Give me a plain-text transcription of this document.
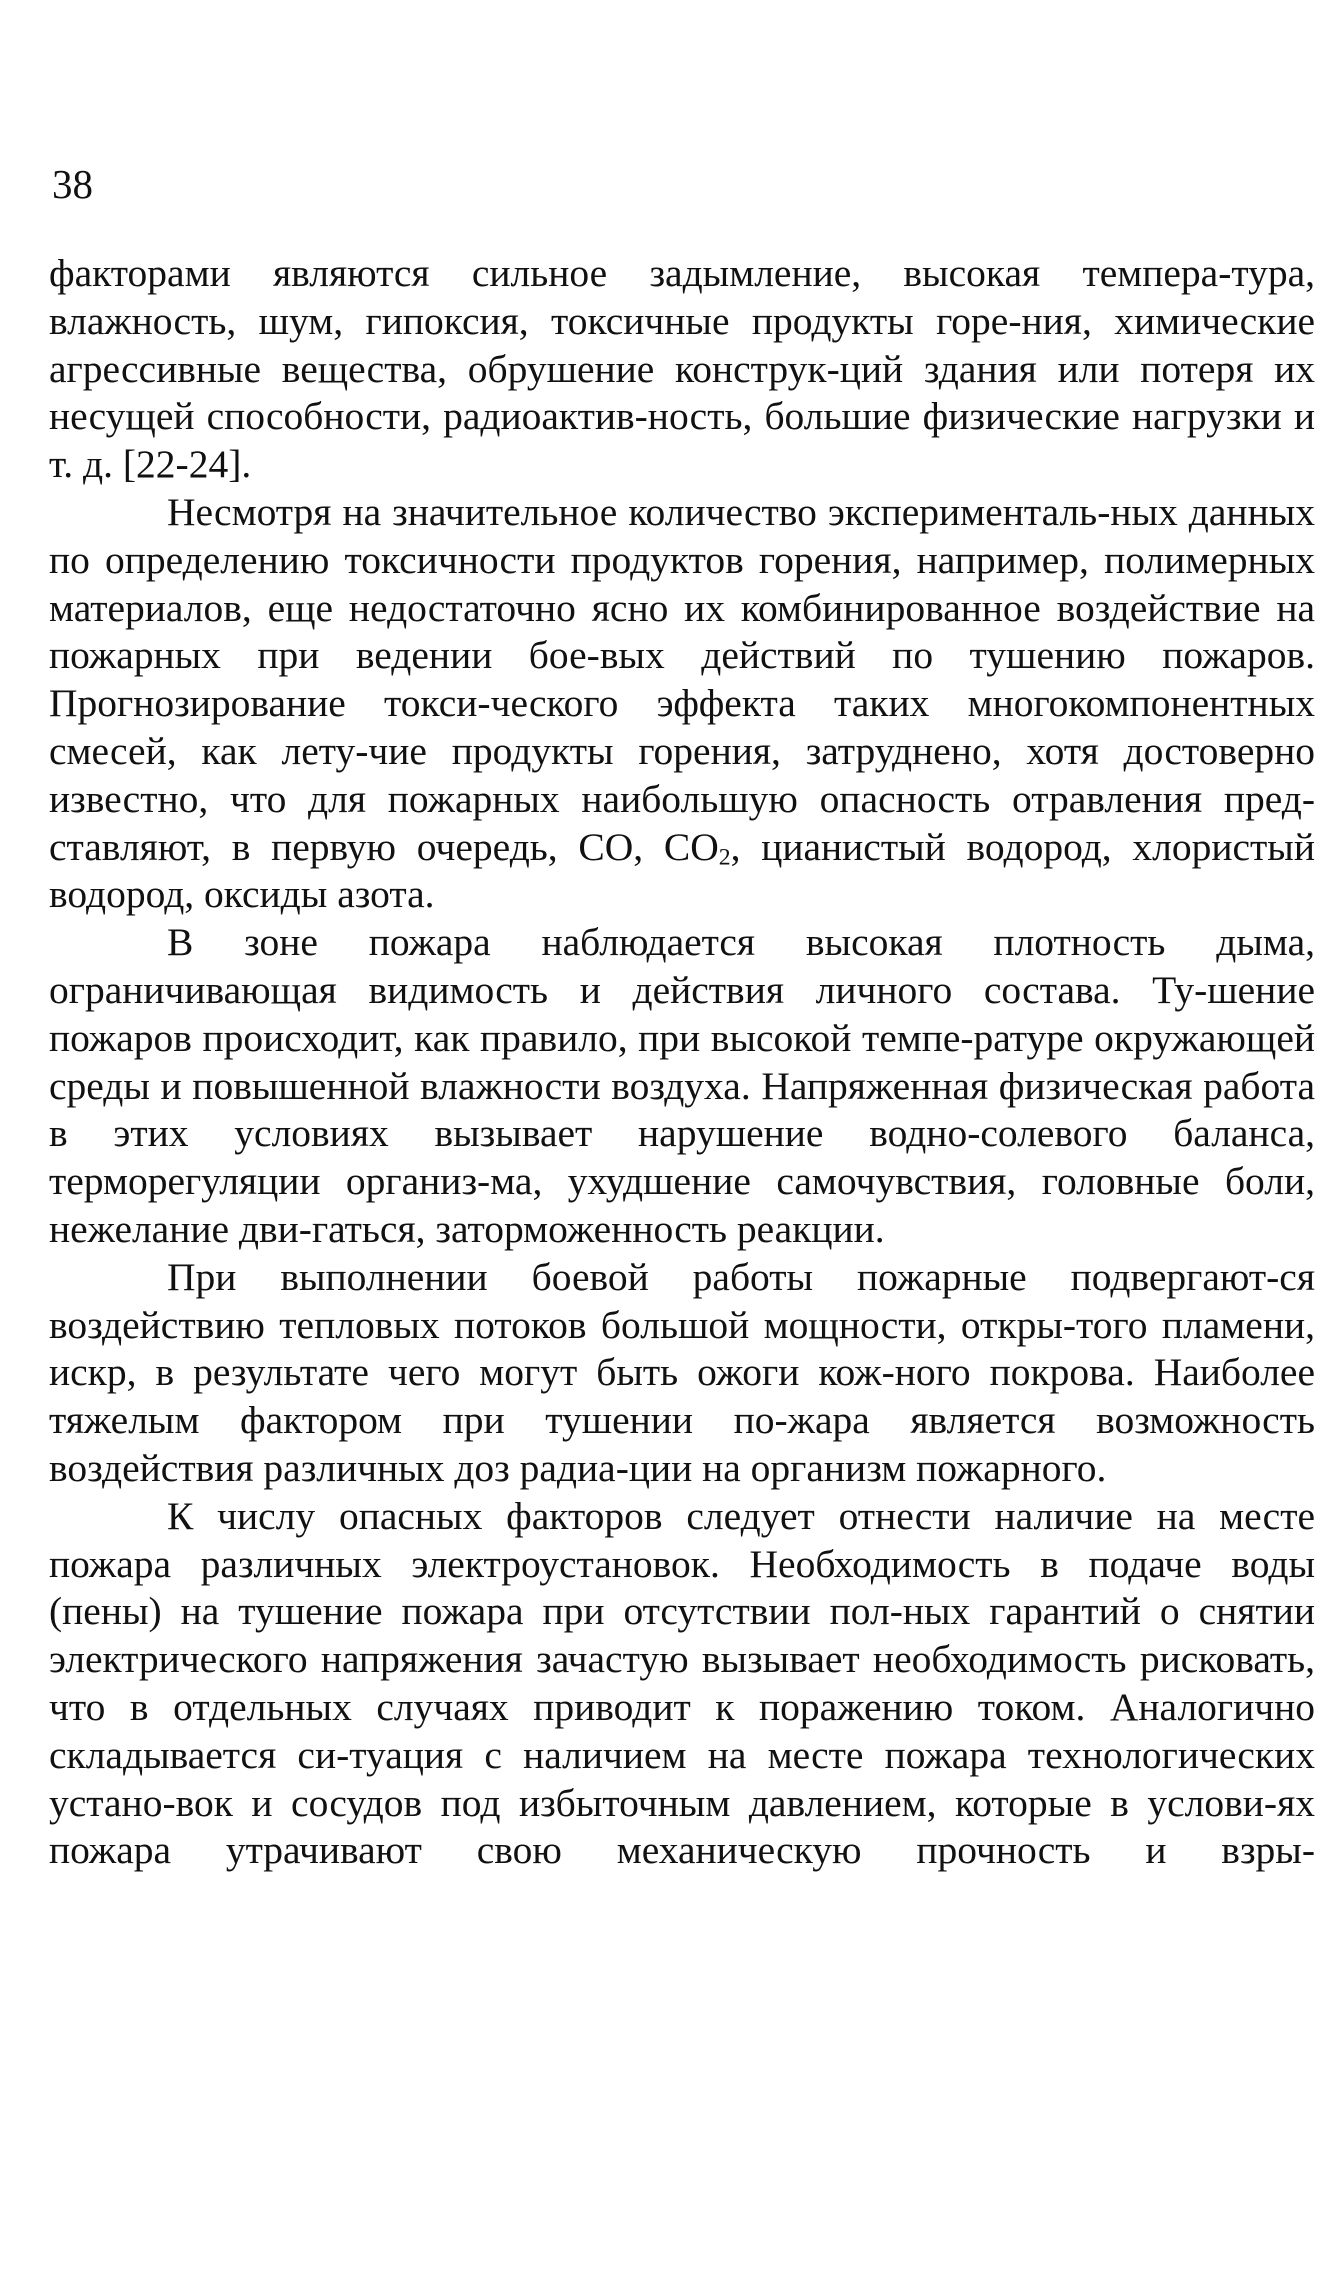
38

факторами являются сильное задымление, высокая темпера-тура, влажность, шум, гипоксия, токсичные продукты горе-ния, химические агрессивные вещества, обрушение конструк-ций здания или потеря их несущей способности, радиоактив-ность, большие физические нагрузки и т. д. [22-24].

Несмотря на значительное количество эксперименталь-ных данных по определению токсичности продуктов горения, например, полимерных материалов, еще недостаточно ясно их комбинированное воздействие на пожарных при ведении бое-вых действий по тушению пожаров. Прогнозирование токси-ческого эффекта таких многокомпонентных смесей, как лету-чие продукты горения, затруднено, хотя достоверно известно, что для пожарных наибольшую опасность отравления пред-ставляют, в первую очередь, СО, $СО_2$, цианистый водород, хлористый водород, оксиды азота.

В зоне пожара наблюдается высокая плотность дыма, ограничивающая видимость и действия личного состава. Ту-шение пожаров происходит, как правило, при высокой темпе-ратуре окружающей среды и повышенной влажности воздуха. Напряженная физическая работа в этих условиях вызывает нарушение водно-солевого баланса, терморегуляции организ-ма, ухудшение самочувствия, головные боли, нежелание дви-гаться, заторможенность реакции.

При выполнении боевой работы пожарные подвергают-ся воздействию тепловых потоков большой мощности, откры-того пламени, искр, в результате чего могут быть ожоги кож-ного покрова. Наиболее тяжелым фактором при тушении по-жара является возможность воздействия различных доз радиа-ции на организм пожарного.

К числу опасных факторов следует отнести наличие на месте пожара различных электроустановок. Необходимость в подаче воды (пены) на тушение пожара при отсутствии пол-ных гарантий о снятии электрического напряжения зачастую вызывает необходимость рисковать, что в отдельных случаях приводит к поражению током. Аналогично складывается си-туация с наличием на месте пожара технологических устано-вок и сосудов под избыточным давлением, которые в услови-ях пожара утрачивают свою механическую прочность и взры-
